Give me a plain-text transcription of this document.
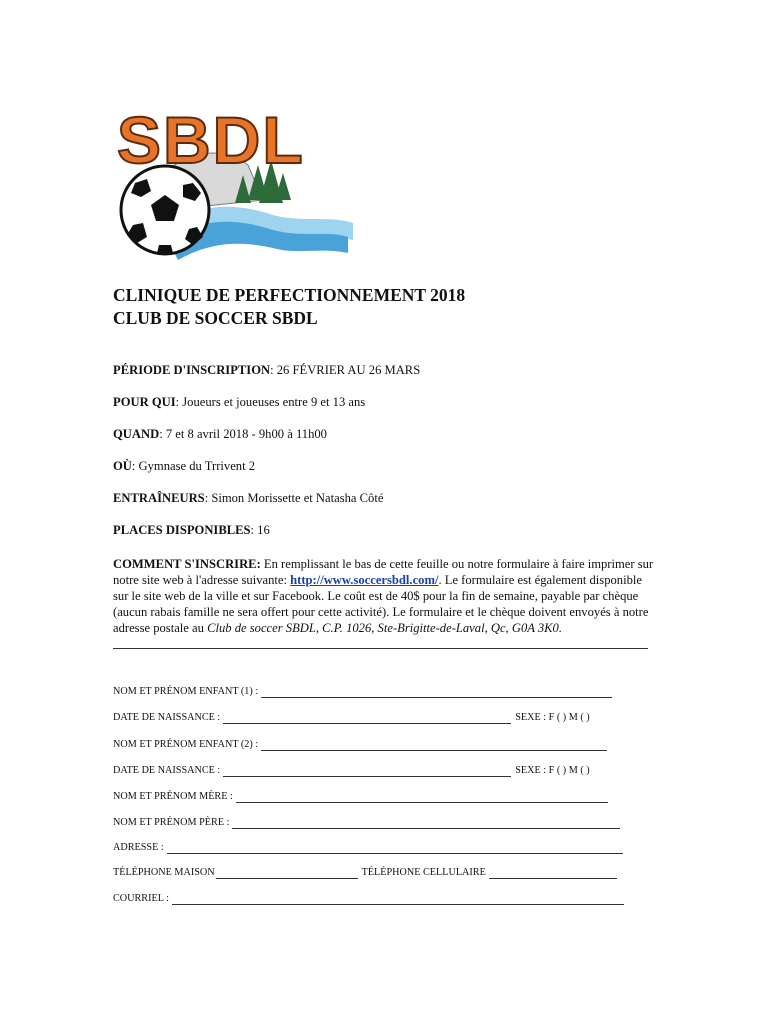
SBDL
CLINIQUE DE PERFECTIONNEMENT 2018
CLUB DE SOCCER SBDL
PÉRIODE D'INSCRIPTION: 26 FÉVRIER AU 26 MARS
POUR QUI: Joueurs et joueuses entre 9 et 13 ans
QUAND: 7 et 8 avril 2018 - 9h00 à 11h00
OÙ: Gymnase du Trrivent 2
ENTRAÎNEURS: Simon Morissette et Natasha Côté
PLACES DISPONIBLES: 16
COMMENT S'INSCRIRE: En remplissant le bas de cette feuille ou notre formulaire à faire imprimer sur notre site web à l'adresse suivante: http://www.soccersbdl.com/. Le formulaire est également disponible sur le site web de la ville et sur Facebook. Le coût est de 40$ pour la fin de semaine, payable par chèque (aucun rabais famille ne sera offert pour cette activité). Le formulaire et le chèque doivent envoyés à notre adresse postale au Club de soccer SBDL, C.P. 1026, Ste-Brigitte-de-Laval, Qc, G0A 3K0.
NOM ET PRÉNOM ENFANT (1) :
DATE DE NAISSANCE :	SEXE : F ( ) M ( )
NOM ET PRÉNOM ENFANT (2) :
DATE DE NAISSANCE :	SEXE : F ( ) M ( )
NOM ET PRÉNOM MÈRE :
NOM ET PRÉNOM PÈRE :
ADRESSE :
TÉLÉPHONE MAISON	TÉLÉPHONE CELLULAIRE
COURRIEL :
